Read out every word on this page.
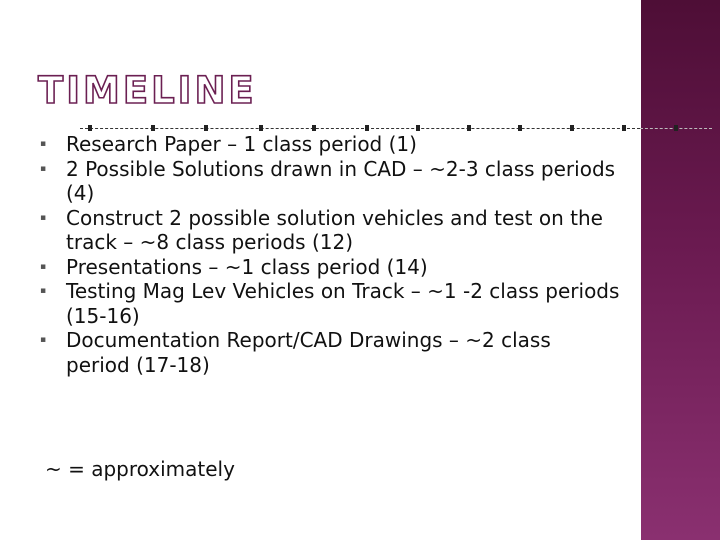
TIMELINE
▪ Research Paper – 1 class period (1)
▪ 2 Possible Solutions drawn in CAD – ~2-3 class periods (4)
▪ Construct 2 possible solution vehicles and test on the track – ~8 class periods (12)
▪ Presentations – ~1 class period (14)
▪ Testing Mag Lev Vehicles on Track – ~1 -2 class periods (15-16)
▪ Documentation Report/CAD Drawings – ~2 class period (17-18)

~ = approximately
